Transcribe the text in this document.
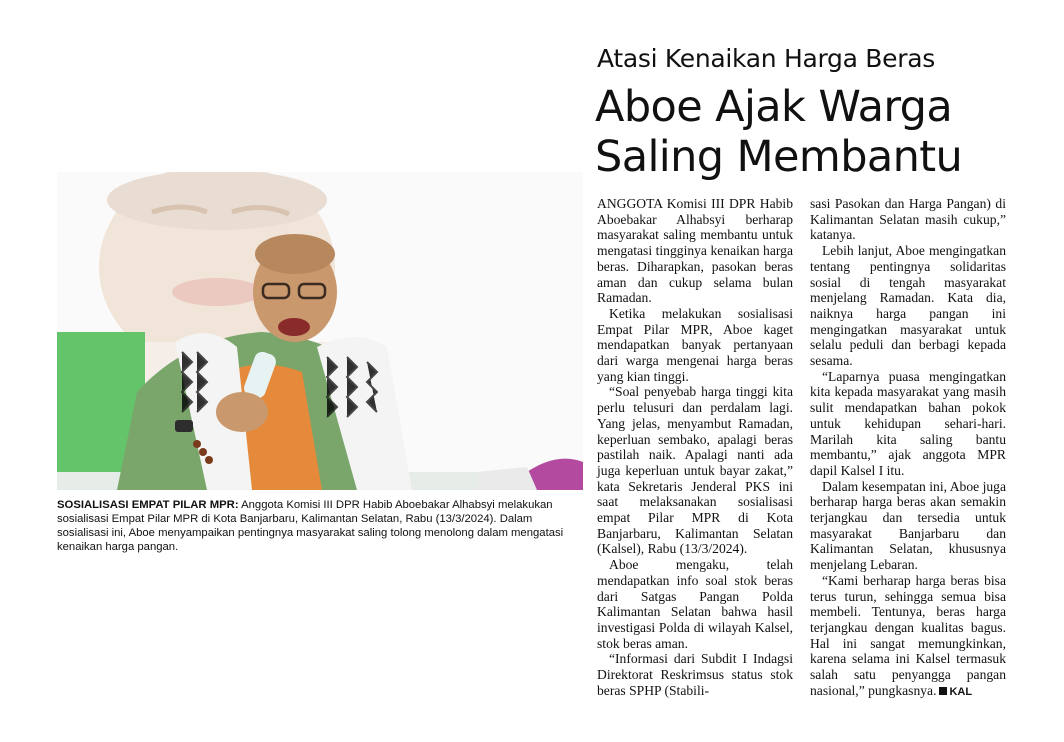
SOSIALISASI EMPAT PILAR MPR: Anggota Komisi III DPR Habib Aboebakar Alhabsyi melakukan sosialisasi Empat Pilar MPR di Kota Banjarbaru, Kalimantan Selatan, Rabu (13/3/2024). Dalam sosialisasi ini, Aboe menyampaikan pentingnya masyarakat saling tolong menolong dalam mengatasi kenaikan harga pangan.
Atasi Kenaikan Harga Beras
Aboe Ajak Warga Saling Membantu

ANGGOTA Komisi III DPR Habib Aboebakar Alhabsyi berharap masyarakat saling membantu untuk mengatasi tingginya kenaikan harga beras. Diharapkan, pasokan beras aman dan cukup selama bulan Ramadan.

Ketika melakukan sosialisasi Empat Pilar MPR, Aboe kaget mendapatkan banyak pertanyaan dari warga mengenai harga beras yang kian tinggi.

“Soal penyebab harga tinggi kita perlu telusuri dan perdalam lagi. Yang jelas, menyambut Ramadan, keperluan sembako, apalagi beras pastilah naik. Apalagi nanti ada juga keperluan untuk bayar zakat,” kata Sekretaris Jenderal PKS ini saat melaksanakan sosialisasi empat Pilar MPR di Kota Banjarbaru, Kalimantan Selatan (Kalsel), Rabu (13/3/2024).

Aboe mengaku, telah mendapatkan info soal stok beras dari Satgas Pangan Polda Kalimantan Selatan bahwa hasil investigasi Polda di wilayah Kalsel, stok beras aman.

“Informasi dari Subdit I Indagsi Direktorat Reskrimsus status stok beras SPHP (Stabili-

sasi Pasokan dan Harga Pangan) di Kalimantan Selatan masih cukup,” katanya.

Lebih lanjut, Aboe mengingatkan tentang pentingnya solidaritas sosial di tengah masyarakat menjelang Ramadan. Kata dia, naiknya harga pangan ini mengingatkan masyarakat untuk selalu peduli dan berbagi kepada sesama.

“Laparnya puasa mengingatkan kita kepada masyarakat yang masih sulit mendapatkan bahan pokok untuk kehidupan sehari-hari. Marilah kita saling bantu membantu,” ajak anggota MPR dapil Kalsel I itu.

Dalam kesempatan ini, Aboe juga berharap harga beras akan semakin terjangkau dan tersedia untuk masyarakat Banjarbaru dan Kalimantan Selatan, khususnya menjelang Lebaran.

“Kami berharap harga beras bisa terus turun, sehingga semua bisa membeli. Tentunya, beras harga terjangkau dengan kualitas bagus. Hal ini sangat memungkinkan, karena selama ini Kalsel termasuk salah satu penyangga pangan nasional,” pungkasnya. KAL
